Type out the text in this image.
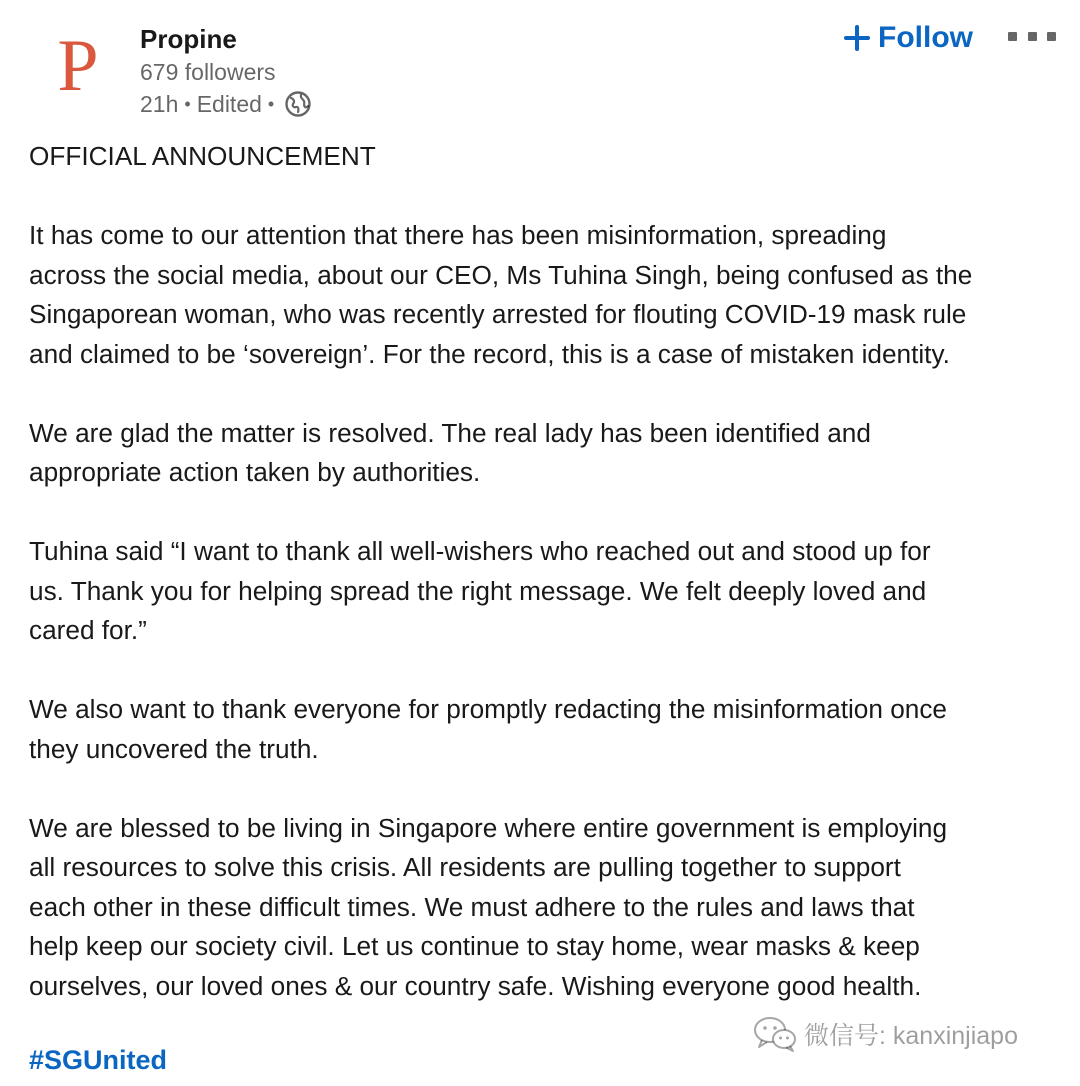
P Propine
679 followers
21h • Edited •
Follow

OFFICIAL ANNOUNCEMENT

It has come to our attention that there has been misinformation, spreading
across the social media, about our CEO, Ms Tuhina Singh, being confused as the
Singaporean woman, who was recently arrested for flouting COVID-19 mask rule
and claimed to be ‘sovereign’. For the record, this is a case of mistaken identity.

We are glad the matter is resolved. The real lady has been identified and
appropriate action taken by authorities.

Tuhina said “I want to thank all well-wishers who reached out and stood up for
us. Thank you for helping spread the right message. We felt deeply loved and
cared for.”

We also want to thank everyone for promptly redacting the misinformation once
they uncovered the truth.

We are blessed to be living in Singapore where entire government is employing
all resources to solve this crisis. All residents are pulling together to support
each other in these difficult times. We must adhere to the rules and laws that
help keep our society civil. Let us continue to stay home, wear masks & keep
ourselves, our loved ones & our country safe. Wishing everyone good health.

微信号: kanxinjiapo
#SGUnited
